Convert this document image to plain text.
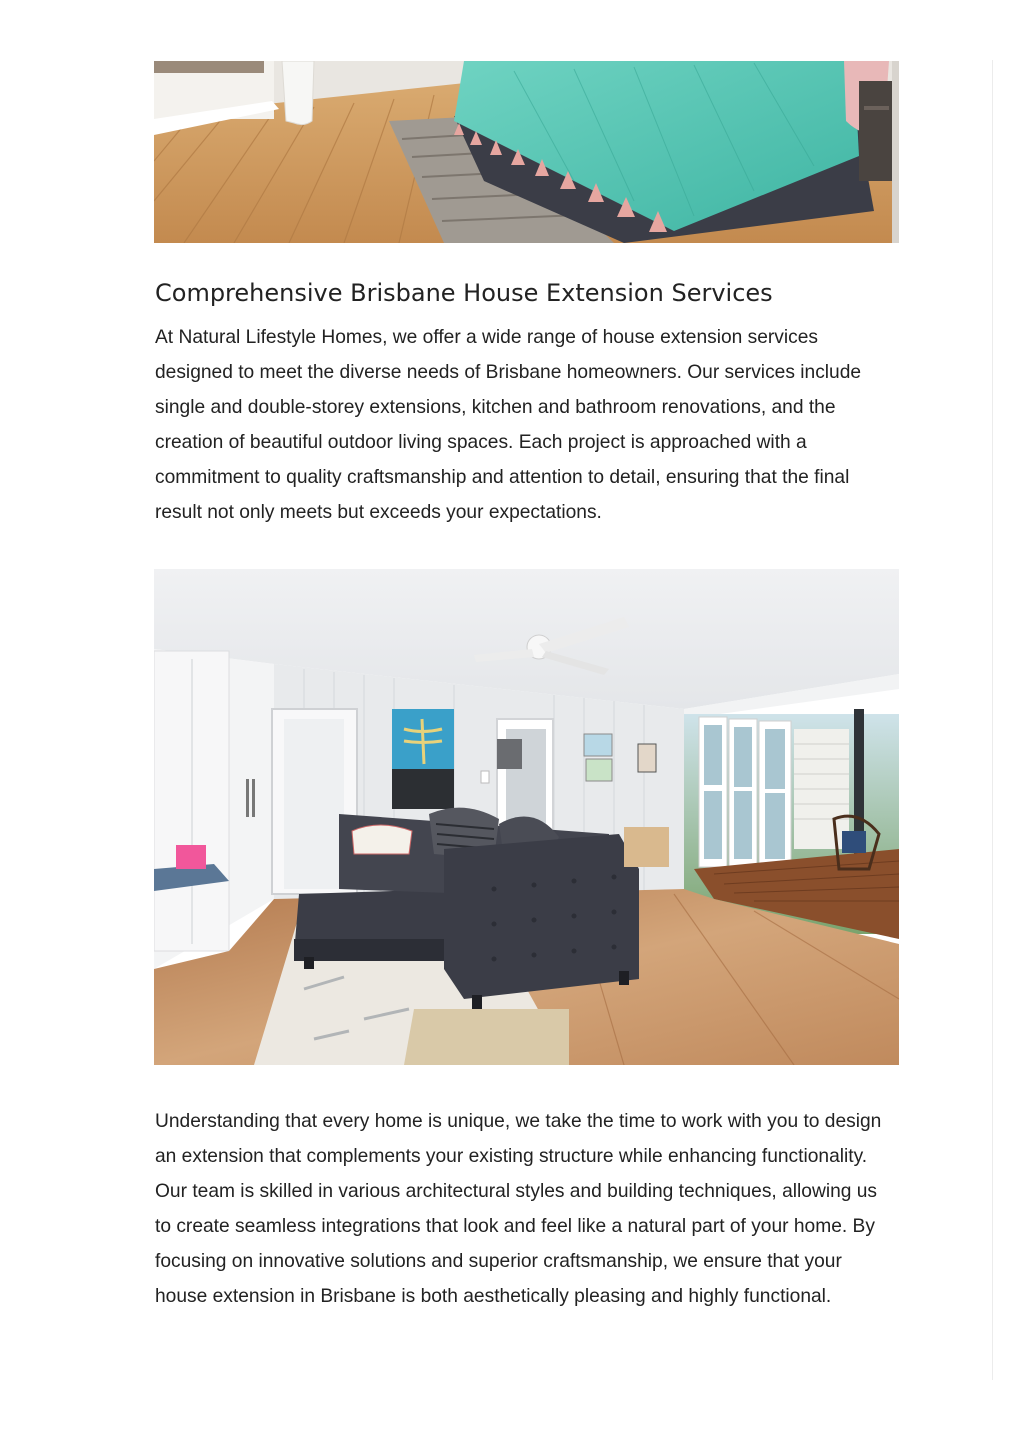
Comprehensive Brisbane House Extension Services

At Natural Lifestyle Homes, we offer a wide range of house extension services designed to meet the diverse needs of Brisbane homeowners. Our services include single and double-storey extensions, kitchen and bathroom renovations, and the creation of beautiful outdoor living spaces. Each project is approached with a commitment to quality craftsmanship and attention to detail, ensuring that the final result not only meets but exceeds your expectations.

Understanding that every home is unique, we take the time to work with you to design an extension that complements your existing structure while enhancing functionality. Our team is skilled in various architectural styles and building techniques, allowing us to create seamless integrations that look and feel like a natural part of your home. By focusing on innovative solutions and superior craftsmanship, we ensure that your house extension in Brisbane is both aesthetically pleasing and highly functional.
